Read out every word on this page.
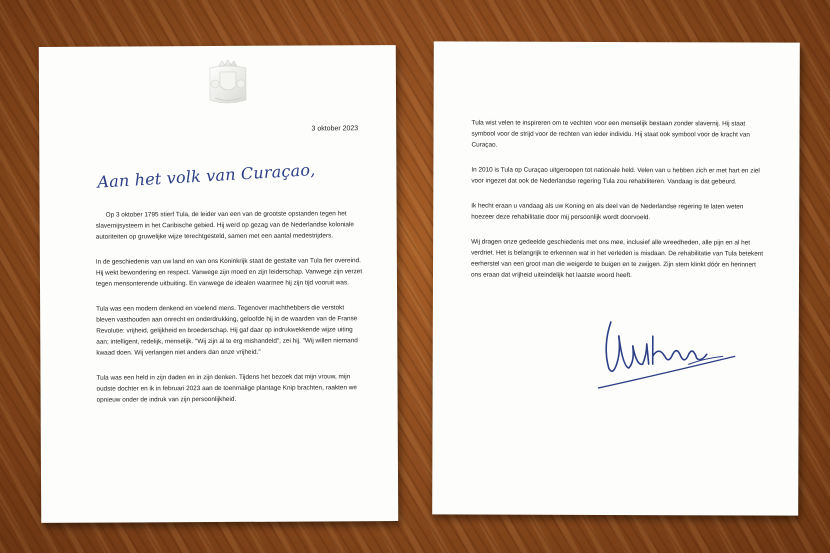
3 oktober 2023
Aan het volk van Curaçao,

Op 3 oktober 1795 stierf Tula, de leider van een van de grootste opstanden tegen het slavernijsysteem in het Caribische gebied. Hij werd op gezag van de Nederlandse koloniale autoriteiten op gruwelijke wijze terechtgesteld, samen met een aantal medestrijders.

In de geschiedenis van uw land en van ons Koninkrijk staat de gestalte van Tula fier overeind. Hij wekt bewondering en respect. Vanwege zijn moed en zijn leiderschap. Vanwege zijn verzet tegen mensonterende uitbuiting. En vanwege de idealen waarmee hij zijn tijd vooruit was.

Tula was een modern denkend en voelend mens. Tegenover machthebbers die verstokt bleven vasthouden aan onrecht en onderdrukking, geloofde hij in de waarden van de Franse Revolutie: vrijheid, gelijkheid en broederschap. Hij gaf daar op indrukwekkende wijze uiting aan; intelligent, redelijk, menselijk. "Wij zijn al te erg mishandeld", zei hij. "Wij willen niemand kwaad doen. Wij verlangen niet anders dan onze vrijheid."

Tula was een held in zijn daden en in zijn denken. Tijdens het bezoek dat mijn vrouw, mijn oudste dochter en ik in februari 2023 aan de toenmalige plantage Knip brachten, raakten we opnieuw onder de indruk van zijn persoonlijkheid.

Tula wist velen te inspireren om te vechten voor een menselijk bestaan zonder slavernij. Hij staat symbool voor de strijd voor de rechten van ieder individu. Hij staat ook symbool voor de kracht van Curaçao.

In 2010 is Tula op Curaçao uitgeroepen tot nationale held. Velen van u hebben zich er met hart en ziel voor ingezet dat ook de Nederlandse regering Tula zou rehabiliteren. Vandaag is dat gebeurd.

Ik hecht eraan u vandaag als uw Koning en als deel van de Nederlandse regering te laten weten hoezeer deze rehabilitatie door mij persoonlijk wordt doorvoeld.

Wij dragen onze gedeelde geschiedenis met ons mee, inclusief alle wreedheden, alle pijn en al het verdriet. Het is belangrijk te erkennen wat in het verleden is misdaan. De rehabilitatie van Tula betekent eerherstel van een groot man die weigerde te buigen en te zwijgen. Zijn stem klinkt dóór en herinnert ons eraan dat vrijheid uiteindelijk het laatste woord heeft.
